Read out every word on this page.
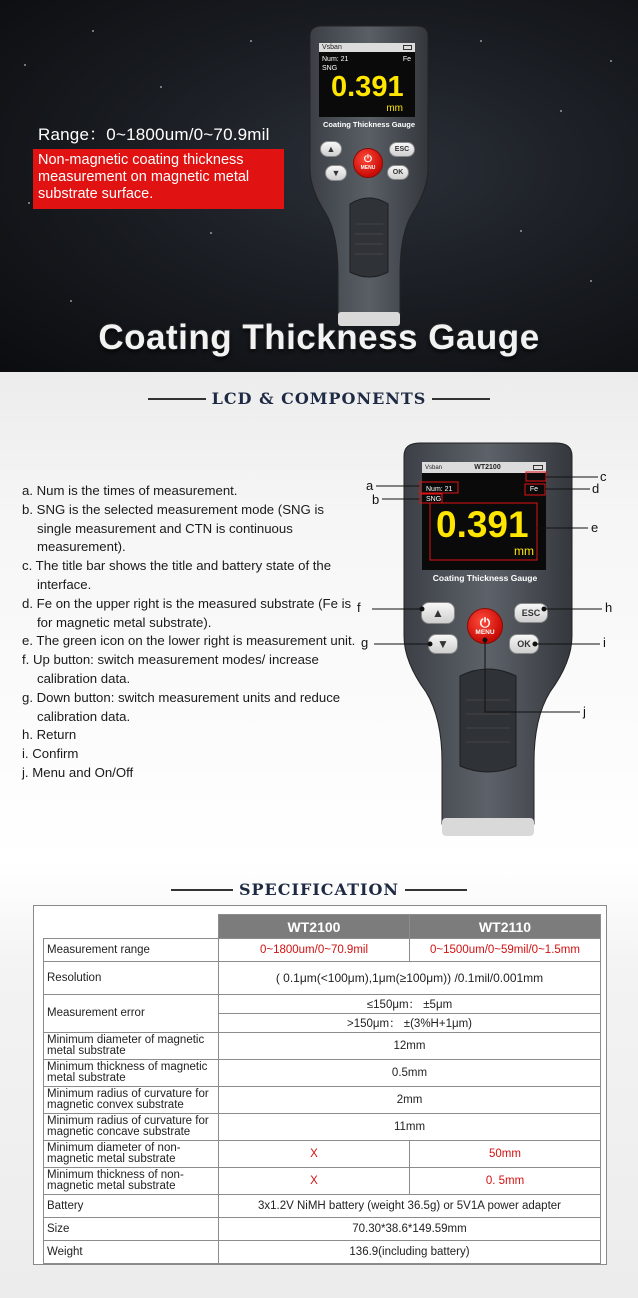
Range：0~1800um/0~70.9mil
Non-magnetic coating thickness measurement on magnetic metal substrate surface.
Vsban
Num: 21	Fe
SNG
0.391
mm
Coating Thickness Gauge
▲
▼
⏻
MENU
ESC
OK
Coating Thickness Gauge
LCD & COMPONENTS
a. Num is the times of measurement.
b. SNG is the selected measurement mode (SNG is single measurement and CTN is continuous measurement).
c. The title bar shows the title and battery state of the interface.
d. Fe on the upper right is the measured substrate (Fe is for magnetic metal substrate).
e. The green icon on the lower right is measurement unit.
f. Up button: switch measurement modes/ increase calibration data.
g. Down button: switch measurement units and reduce calibration data.
h. Return
i. Confirm
j. Menu and On/Off
Vsban	WT2100
Num: 21	Fe
SNG
0.391
mm
Coating Thickness Gauge
▲
▼
⏻
MENU
ESC
OK
a
b
c
d
e
f
g
h
i
j
SPECIFICATION
	WT2100	WT2110
Measurement range	0~1800um/0~70.9mil	0~1500um/0~59mil/0~1.5mm
Resolution	( 0.1μm(<100μm),1μm(≥100μm)) /0.1mil/0.001mm	
Measurement error	≤150μm： ±5μm	
	>150μm： ±(3%H+1μm)	
Minimum diameter of magnetic metal substrate	12mm	
Minimum thickness of magnetic metal substrate	0.5mm	
Minimum radius of curvature for magnetic convex substrate	2mm	
Minimum radius of curvature for magnetic concave substrate	11mm	
Minimum diameter of non-magnetic metal substrate	X	50mm
Minimum thickness of non-magnetic metal substrate	X	0. 5mm
Battery	3x1.2V NiMH battery (weight 36.5g) or 5V1A power adapter	
Size	70.30*38.6*149.59mm	
Weight	136.9(including battery)	
